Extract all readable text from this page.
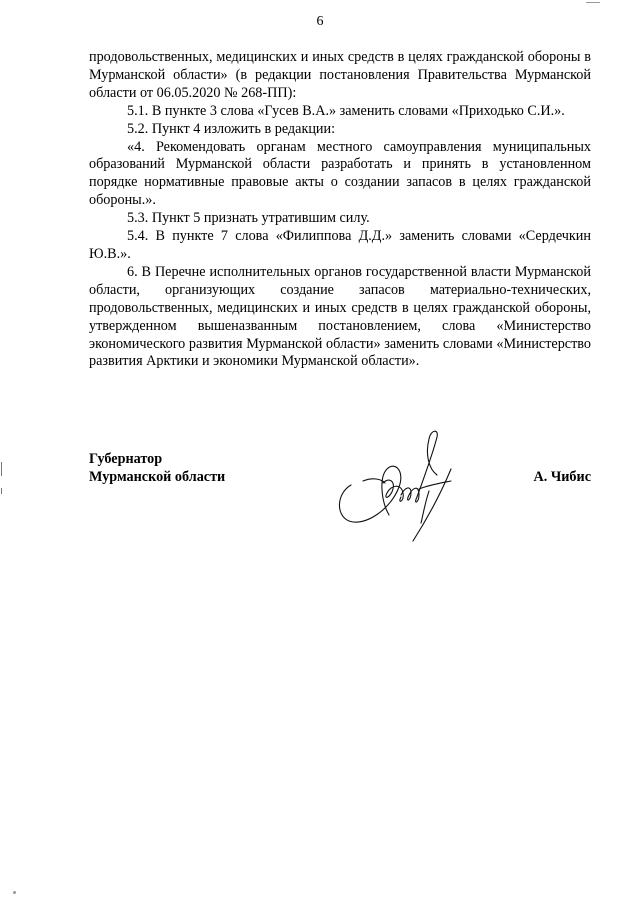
6

продовольственных, медицинских и иных средств в целях гражданской обороны в Мурманской области» (в редакции постановления Правительства Мурманской области от 06.05.2020 № 268-ПП):

5.1. В пункте 3 слова «Гусев В.А.» заменить словами «Приходько С.И.».

5.2. Пункт 4 изложить в редакции:

«4. Рекомендовать органам местного самоуправления муниципальных образований Мурманской области разработать и принять в установленном порядке нормативные правовые акты о создании запасов в целях гражданской обороны.».

5.3. Пункт 5 признать утратившим силу.

5.4. В пункте 7 слова «Филиппова Д.Д.» заменить словами «Сердечкин Ю.В.».

6. В Перечне исполнительных органов государственной власти Мурманской области, организующих создание запасов материально-технических, продовольственных, медицинских и иных средств в целях гражданской обороны, утвержденном вышеназванным постановлением, слова «Министерство экономического развития Мурманской области» заменить словами «Министерство развития Арктики и экономики Мурманской области».

Губернатор
Мурманской области	А. Чибис
